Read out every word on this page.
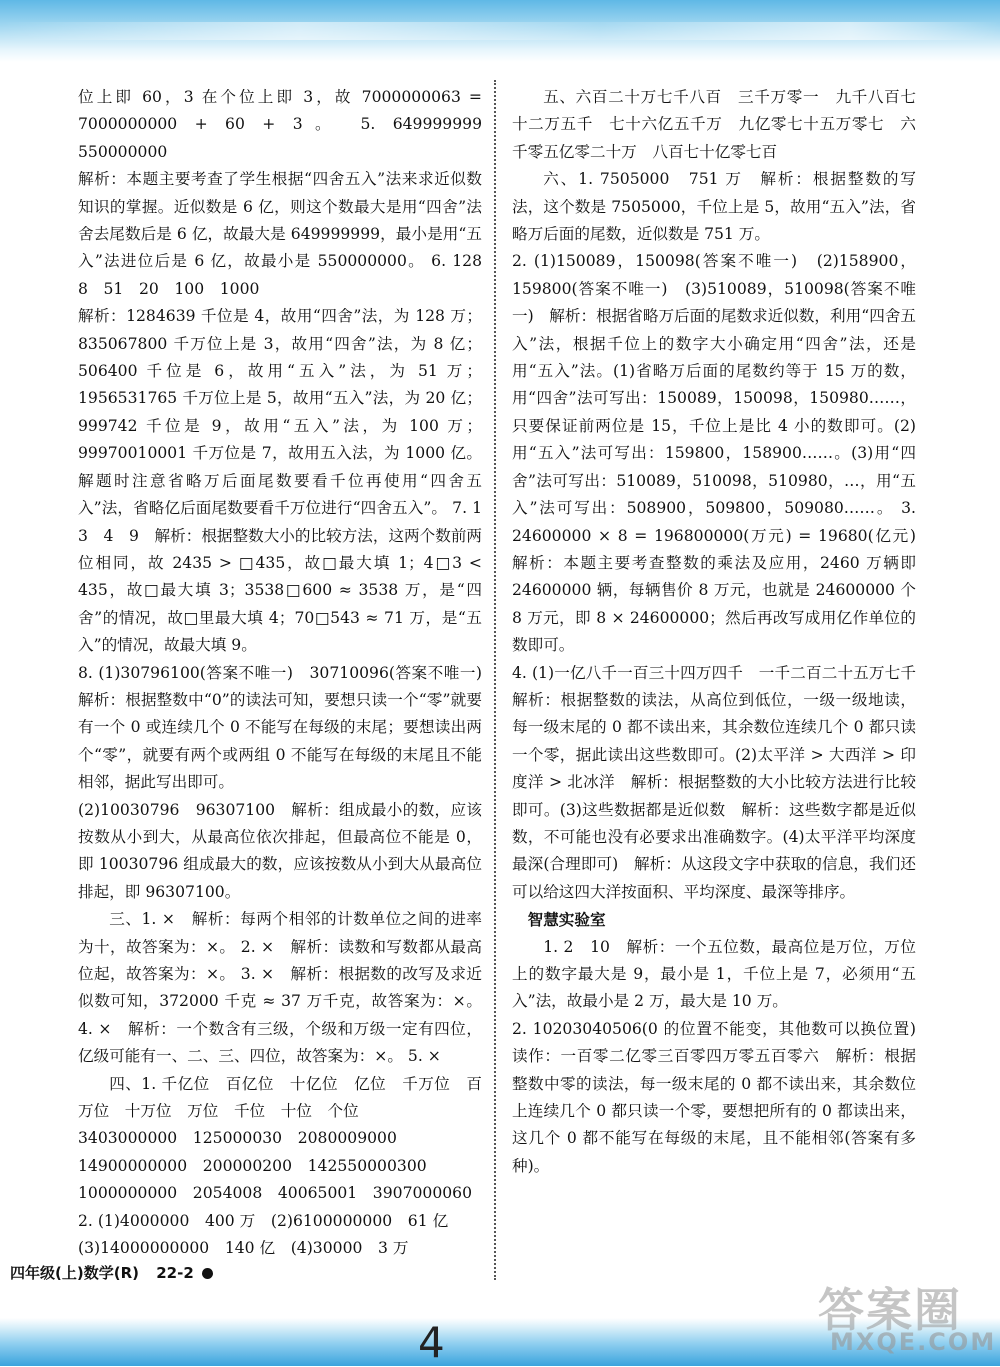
位上即 60，3 在个位上即 3，故 7000000063 = 7000000000 + 60 + 3。 5. 649999999　550000000

解析：本题主要考查了学生根据“四舍五入”法来求近似数知识的掌握。近似数是 6 亿，则这个数最大是用“四舍”法舍去尾数后是 6 亿，故最大是 649999999，最小是用“五入”法进位后是 6 亿，故最小是 550000000。 6. 128　8　51　20　100　1000

解析：1284639 千位是 4，故用“四舍”法，为 128 万；835067800 千万位上是 3，故用“四舍”法，为 8 亿；506400 千位是 6，故用“五入”法，为 51 万；1956531765 千万位上是 5，故用“五入”法，为 20 亿；999742 千位是 9，故用“五入”法，为 100 万；99970010001 千万位是 7，故用五入法，为 1000 亿。解题时注意省略万后面尾数要看千位再使用“四舍五入”法，省略亿后面尾数要看千万位进行“四舍五入”。 7. 1　3　4　9　解析：根据整数大小的比较方法，这两个数前两位相同，故 2435 > □435，故□最大填 1；4□3 < 435，故□最大填 3；3538□600 ≈ 3538 万，是“四舍”的情况，故□里最大填 4；70□543 ≈ 71 万，是“五入”的情况，故最大填 9。

8. (1)30796100(答案不唯一)　30710096(答案不唯一)　解析：根据整数中“0”的读法可知，要想只读一个“零”就要有一个 0 或连续几个 0 不能写在每级的末尾；要想读出两个“零”，就要有两个或两组 0 不能写在每级的末尾且不能相邻，据此写出即可。

(2)10030796　96307100　解析：组成最小的数，应该按数从小到大，从最高位依次排起，但最高位不能是 0，即 10030796 组成最大的数，应该按数从小到大从最高位排起，即 96307100。

三、1. ×　解析：每两个相邻的计数单位之间的进率为十，故答案为：×。 2. ×　解析：读数和写数都从最高位起，故答案为：×。 3. ×　解析：根据数的改写及求近似数可知，372000 千克 ≈ 37 万千克，故答案为：×。 4. ×　解析：一个数含有三级，个级和万级一定有四位，亿级可能有一、二、三、四位，故答案为：×。 5. ×

四、1. 千亿位　百亿位　十亿位　亿位　千万位　百万位　十万位　万位　千位　十位　个位

3403000000　125000030　2080009000

14900000000　200000200　142550000300

1000000000　2054008　40065001　3907000060

2. (1)4000000　400 万　(2)6100000000　61 亿

(3)14000000000　140 亿　(4)30000　3 万

五、六百二十万七千八百　三千万零一　九千八百七十二万五千　七十六亿五千万　九亿零七十五万零七　六千零五亿零二十万　八百七十亿零七百

六、1. 7505000　751 万　解析：根据整数的写法，这个数是 7505000，千位上是 5，故用“五入”法，省略万后面的尾数，近似数是 751 万。

2. (1)150089，150098(答案不唯一)　(2)158900，159800(答案不唯一)　(3)510089，510098(答案不唯一)　解析：根据省略万后面的尾数求近似数，利用“四舍五入”法，根据千位上的数字大小确定用“四舍”法，还是用“五入”法。(1)省略万后面的尾数约等于 15 万的数，用“四舍”法可写出：150089，150098，150980……，只要保证前两位是 15，千位上是比 4 小的数即可。(2)用“五入”法可写出：159800，158900……。(3)用“四舍”法可写出：510089，510098，510980，…，用“五入”法可写出：508900，509800，509080……。 3. 24600000 × 8 = 196800000(万元) = 19680(亿元)　解析：本题主要考查整数的乘法及应用，2460 万辆即 24600000 辆，每辆售价 8 万元，也就是 24600000 个 8 万元，即 8 × 24600000；然后再改写成用亿作单位的数即可。

4. (1)一亿八千一百三十四万四千　一千二百二十五万七千　解析：根据整数的读法，从高位到低位，一级一级地读，每一级末尾的 0 都不读出来，其余数位连续几个 0 都只读一个零，据此读出这些数即可。(2)太平洋 > 大西洋 > 印度洋 > 北冰洋　解析：根据整数的大小比较方法进行比较即可。(3)这些数据都是近似数　解析：这些数字都是近似数，不可能也没有必要求出准确数字。(4)太平洋平均深度最深(合理即可)　解析：从这段文字中获取的信息，我们还可以给这四大洋按面积、平均深度、最深等排序。

智慧实验室

1. 2　10　解析：一个五位数，最高位是万位，万位上的数字最大是 9，最小是 1，千位上是 7，必须用“五入”法，故最小是 2 万，最大是 10 万。

2. 10203040506(0 的位置不能变，其他数可以换位置)　读作：一百零二亿零三百零四万零五百零六　解析：根据整数中零的读法，每一级末尾的 0 都不读出来，其余数位上连续几个 0 都只读一个零，要想把所有的 0 都读出来，这几个 0 都不能写在每级的末尾，且不能相邻(答案有多种)。

四年级(上)数学(R) 22-2
4
答案圈
MXQE.COM
